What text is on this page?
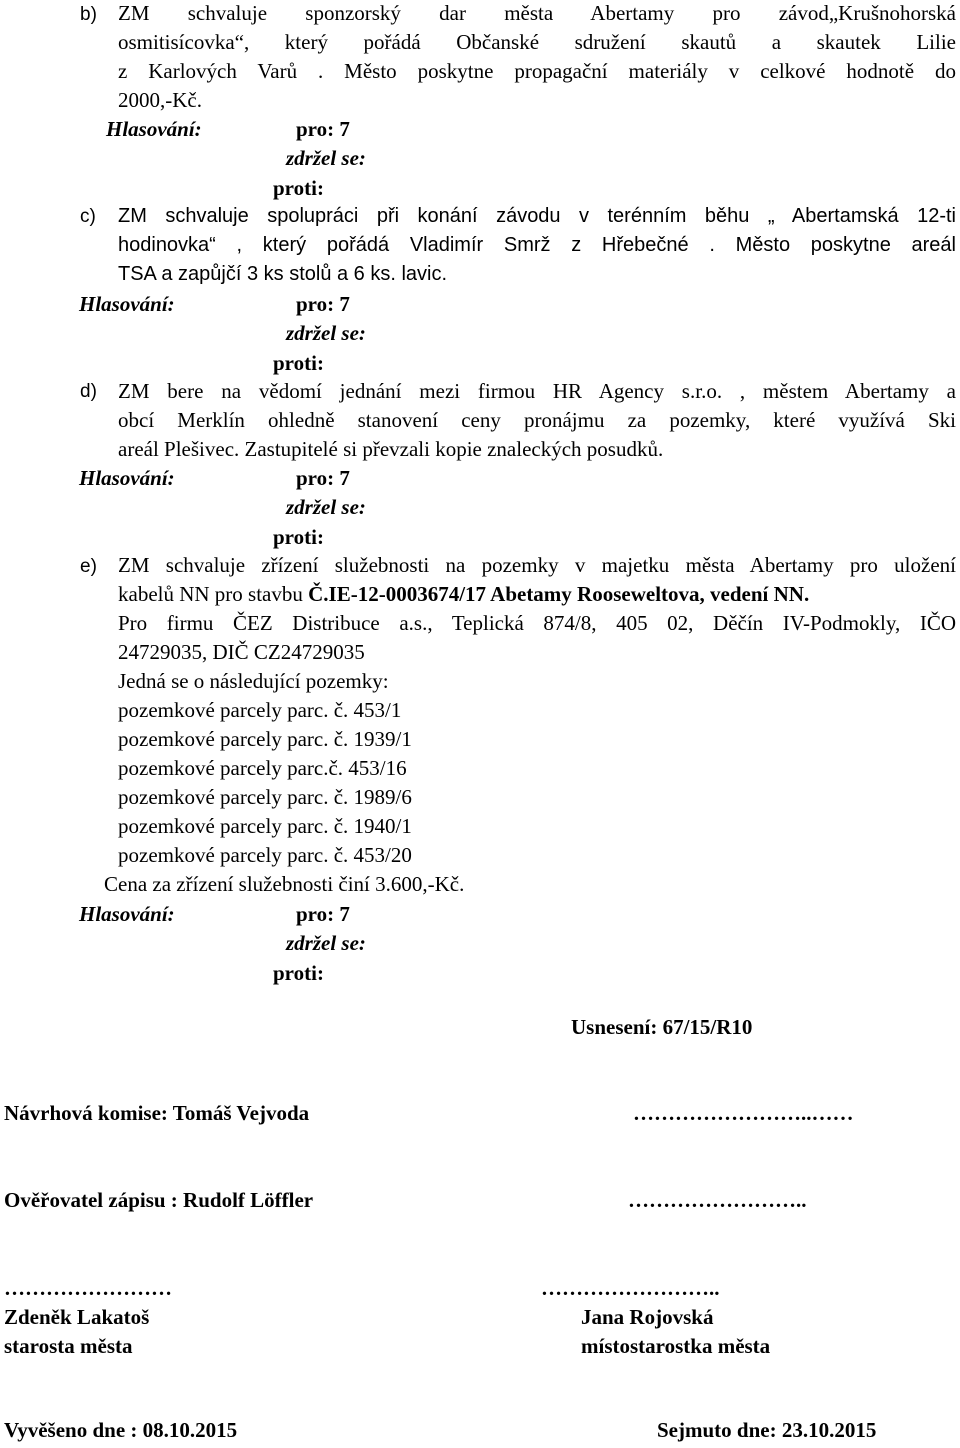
b) ZM schvaluje sponzorský dar města Abertamy pro závod„Krušnohorská
osmitisícovka“, který pořádá Občanské sdružení skautů a skautek Lilie
z Karlových Varů . Město poskytne propagační materiály v celkové hodnotě do
2000,-Kč.
Hlasování:	pro: 7
zdržel se:
proti:
c) ZM schvaluje spolupráci při konání závodu v terénním běhu „ Abertamská 12-ti
hodinovka“ , který pořádá Vladimír Smrž z Hřebečné . Město poskytne areál
TSA a zapůjčí 3 ks stolů a 6 ks. lavic.
Hlasování:	pro: 7
zdržel se:
proti:
d) ZM bere na vědomí jednání mezi firmou HR Agency s.r.o. , městem Abertamy a
obcí Merklín ohledně stanovení ceny pronájmu za pozemky, které využívá Ski
areál Plešivec. Zastupitelé si převzali kopie znaleckých posudků.
Hlasování:	pro: 7
zdržel se:
proti:
e) ZM schvaluje zřízení služebnosti na pozemky v majetku města Abertamy pro uložení
kabelů NN pro stavbu Č.IE-12-0003674/17 Abetamy Rooseweltova, vedení NN.
Pro firmu ČEZ Distribuce a.s., Teplická 874/8, 405 02, Děčín IV-Podmokly, IČO
24729035, DIČ CZ24729035
Jedná se o následující pozemky:
pozemkové parcely parc. č. 453/1
pozemkové parcely parc. č. 1939/1
pozemkové parcely parc.č. 453/16
pozemkové parcely parc. č. 1989/6
pozemkové parcely parc. č. 1940/1
pozemkové parcely parc. č. 453/20
Cena za zřízení služebnosti činí 3.600,-Kč.
Hlasování:	pro: 7
zdržel se:
proti:
Usnesení: 67/15/R10
Návrhová komise: Tomáš Vejvoda	……………………..……
Ověřovatel zápisu : Rudolf Löffler	……………………..
……………………
Zdeněk Lakatoš
starosta města
……………………..
Jana Rojovská
místostarostka města
Vyvěšeno dne : 08.10.2015	Sejmuto dne: 23.10.2015
